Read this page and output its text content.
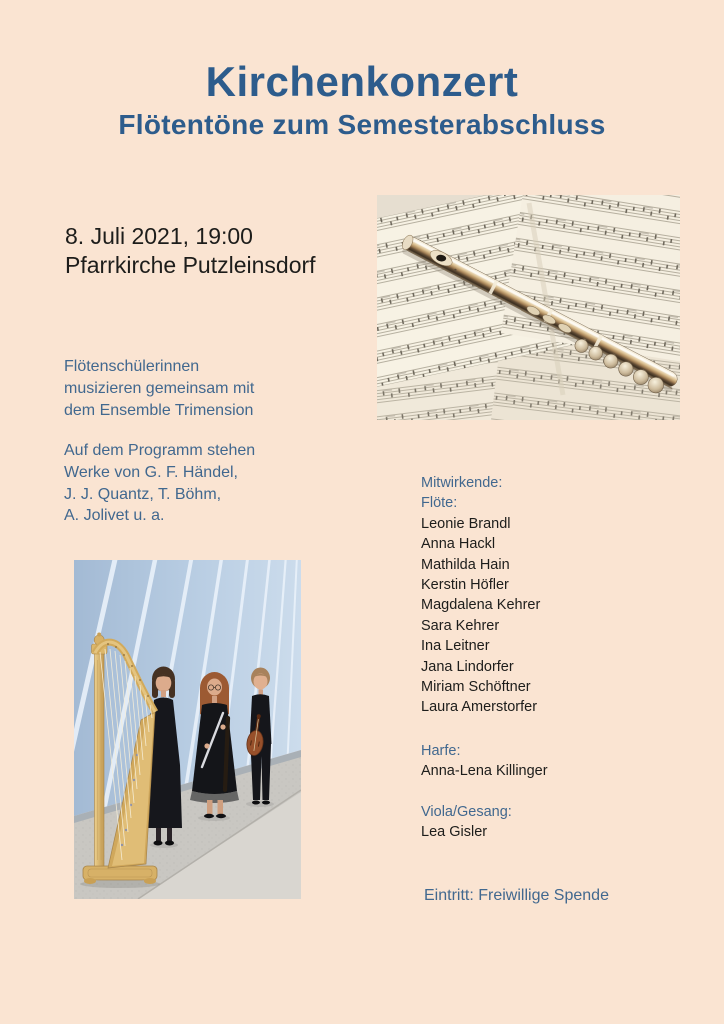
Kirchenkonzert
Flötentöne zum Semesterabschluss
8. Juli 2021, 19:00
Pfarrkirche Putzleinsdorf
Flötenschülerinnen
musizieren gemeinsam mit
dem Ensemble Trimension
Auf dem Programm stehen
Werke von G. F. Händel,
J. J. Quantz, T. Böhm,
A. Jolivet u. a.
Mitwirkende:
Flöte:
Leonie Brandl
Anna Hackl
Mathilda Hain
Kerstin Höfler
Magdalena Kehrer
Sara Kehrer
Ina Leitner
Jana Lindorfer
Miriam Schöftner
Laura Amerstorfer
Harfe:
Anna-Lena Killinger
Viola/Gesang:
Lea Gisler
Eintritt: Freiwillige Spende
